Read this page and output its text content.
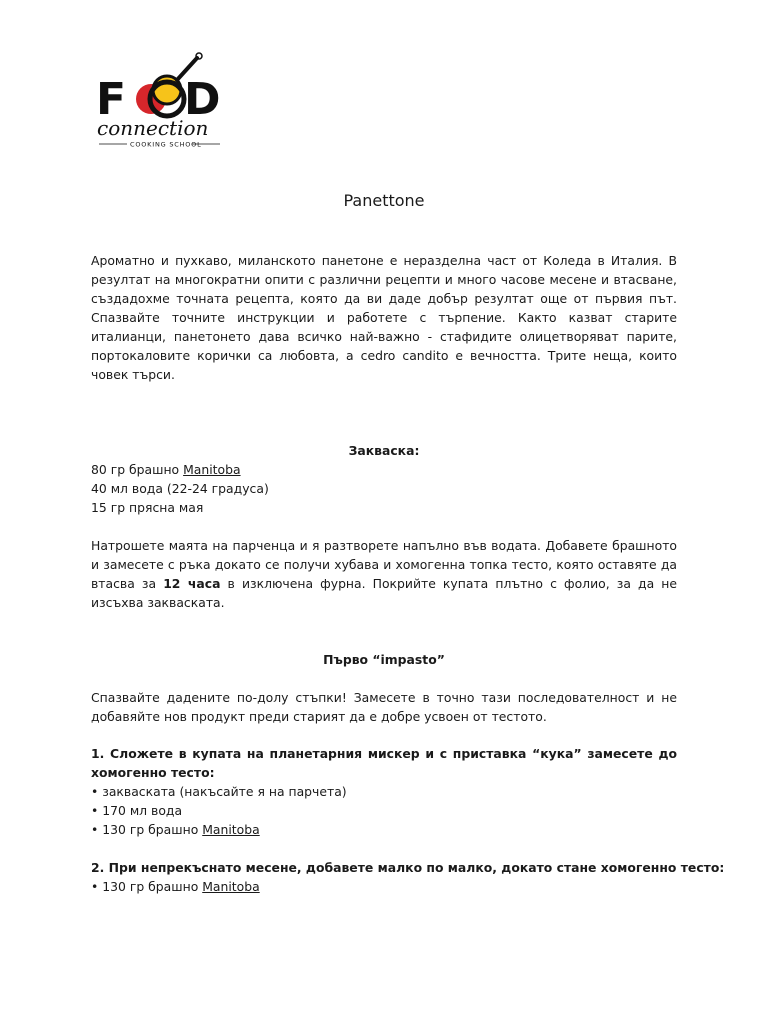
F D
connection
COOKING SCHOOL
Panettone

Ароматно и пухкаво, миланското панетоне е неразделна част от Коледа в Италия. В резултат на многократни опити с различни рецепти и много часове месене и втасване, създадохме точната рецепта, която да ви даде добър резултат още от първия път. Спазвайте точните инструкции и работете с търпение. Както казват старите италианци, панетонето дава всичко най-важно - стафидите олицетворяват парите, портокаловите корички са любовта, а cedro candito е вечността. Трите неща, които човек търси.

Закваска:

80 гр брашно Manitoba

40 мл вода (22-24 градуса)

15 гр прясна мая

Натрошете маята на парченца и я разтворете напълно във водата. Добавете брашното и замесете с ръка докато се получи хубава и хомогенна топка тесто, която оставяте да втасва за 12 часа в изключена фурна. Покрийте купата плътно с фолио, за да не изсъхва закваската.

Първо “impasto”

Спазвайте дадените по-долу стъпки! Замесете в точно тази последователност и не добавяйте нов продукт преди старият да е добре усвоен от тестото.

1. Сложете в купата на планетарния мискер и с приставка “кука” замесете до хомогенно тесто:

• закваската (накъсайте я на парчета)

• 170 мл вода

• 130 гр брашно Manitoba

2. При непрекъснато месене, добавете малко по малко, докато стане хомогенно тесто:

• 130 гр брашно Manitoba
